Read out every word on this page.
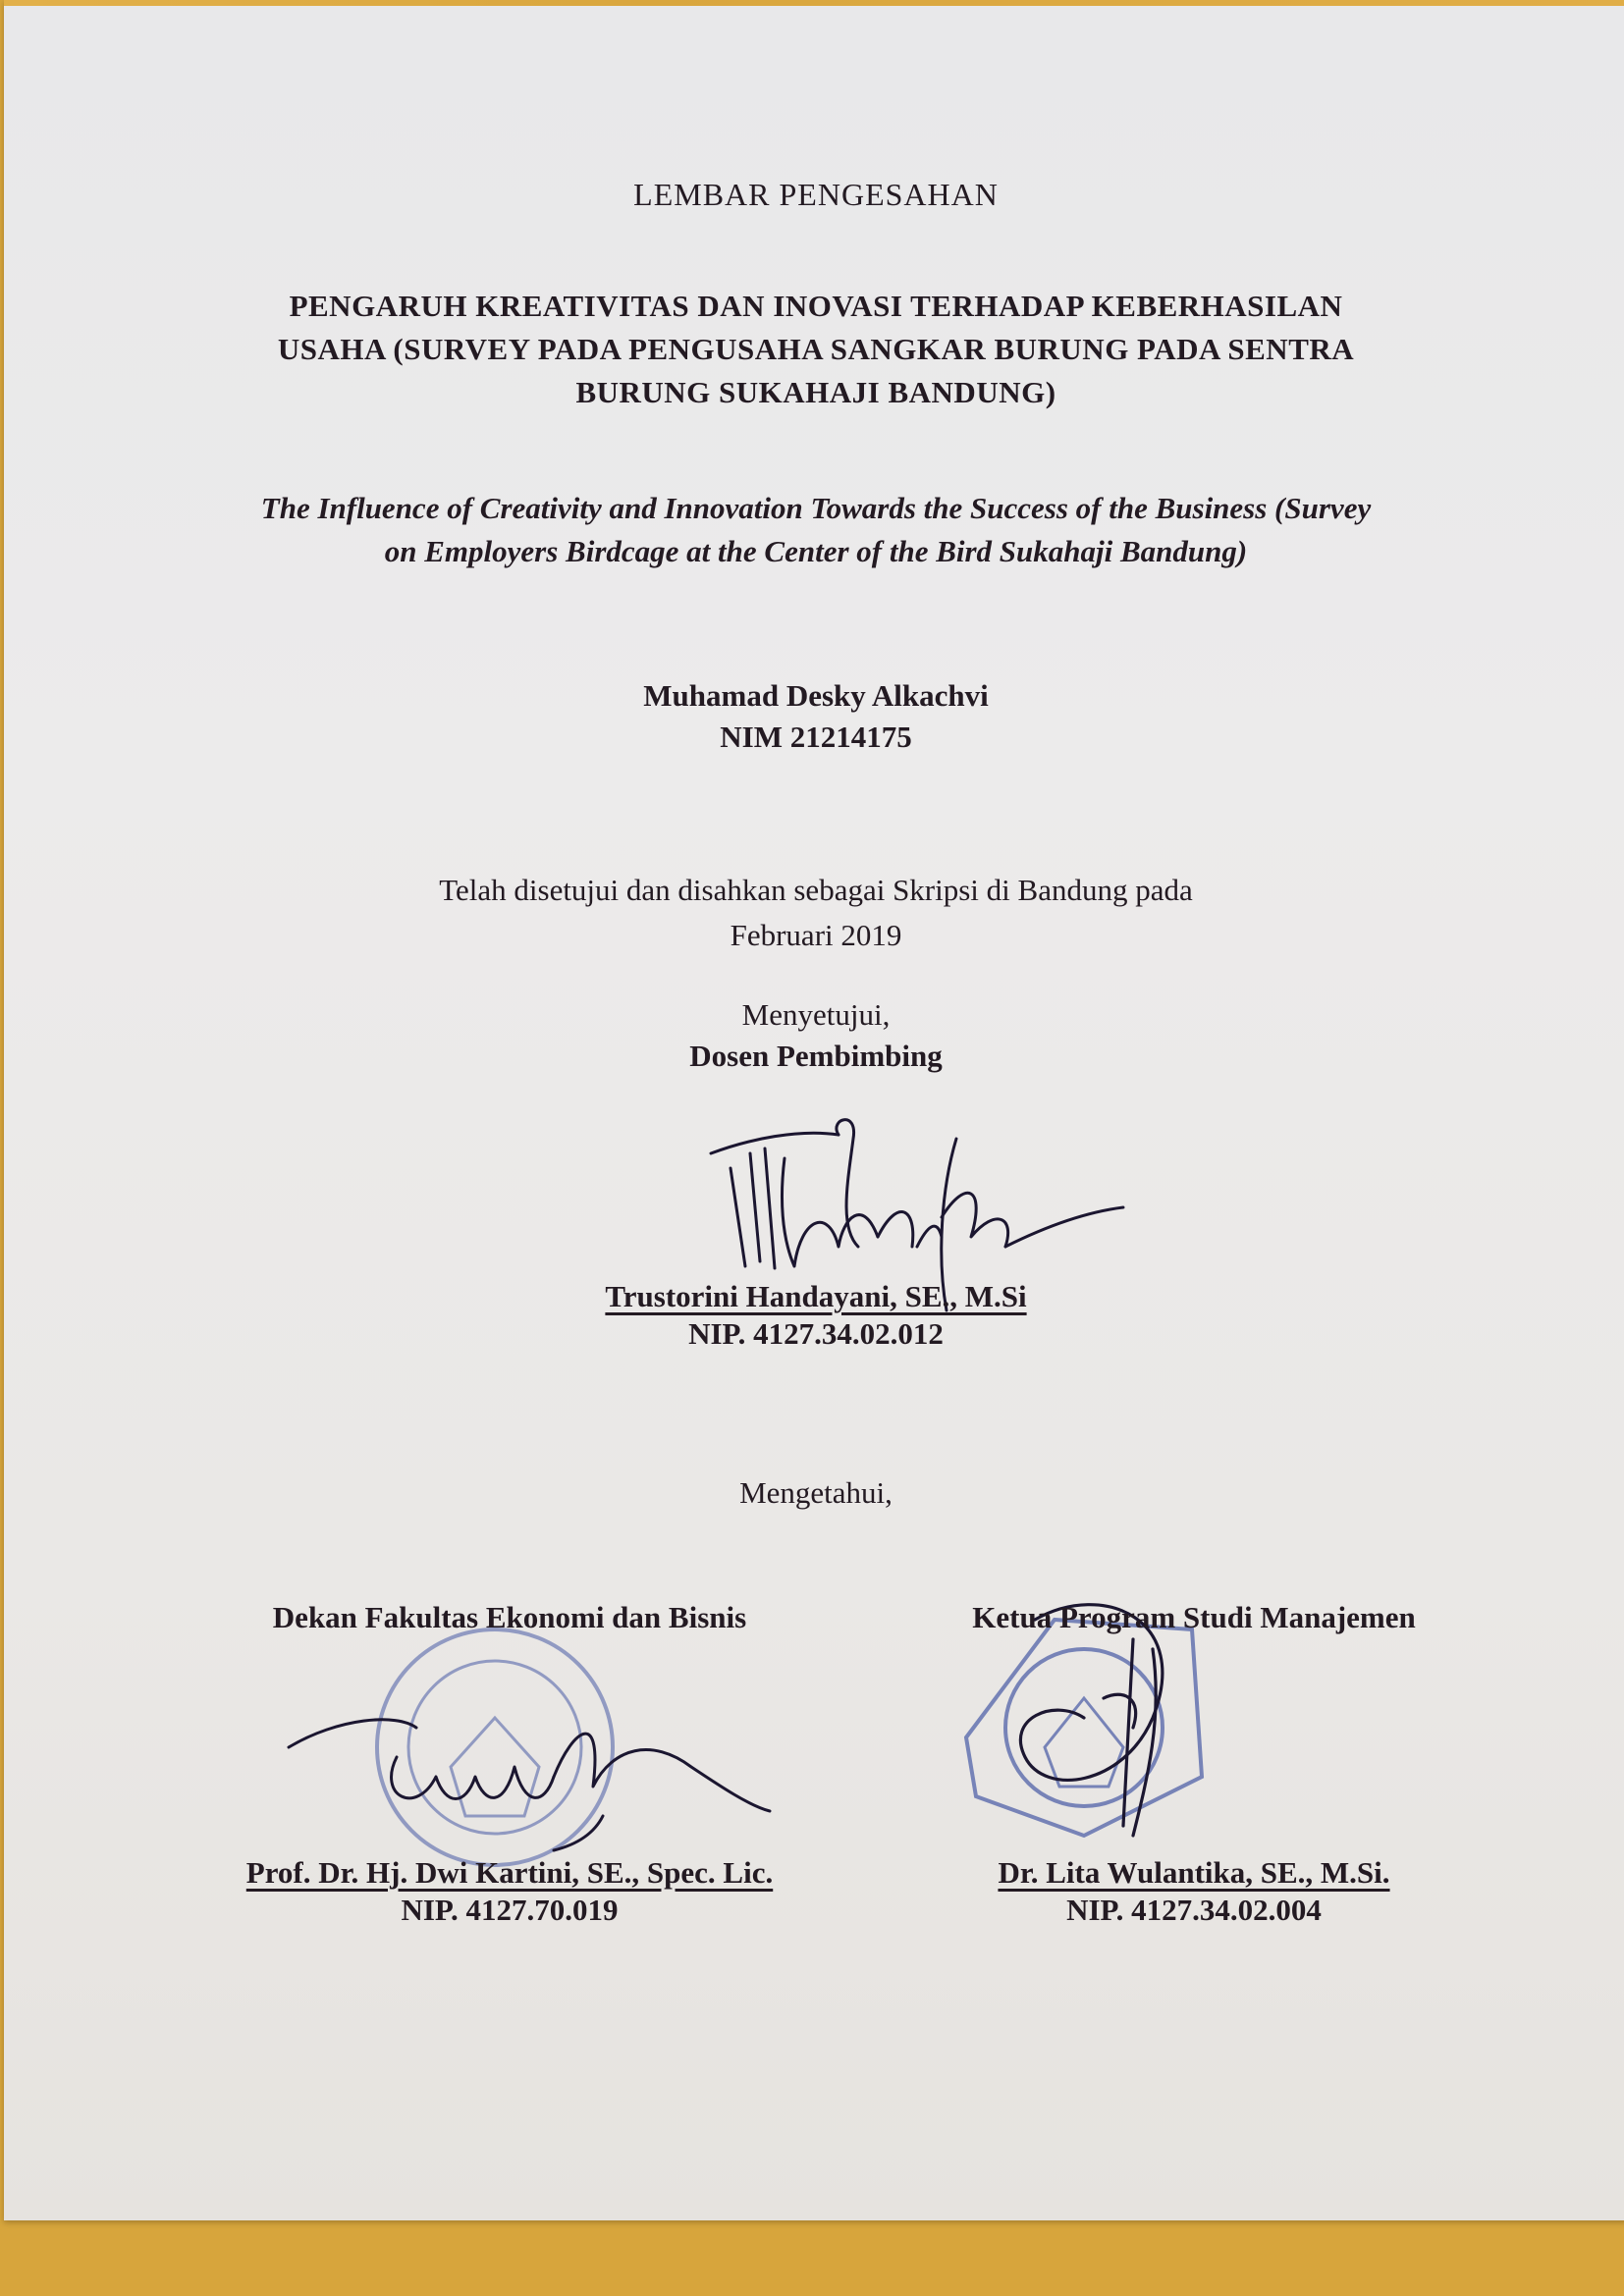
LEMBAR PENGESAHAN
PENGARUH KREATIVITAS DAN INOVASI TERHADAP KEBERHASILAN
USAHA (SURVEY PADA PENGUSAHA SANGKAR BURUNG PADA SENTRA
BURUNG SUKAHAJI BANDUNG)
The Influence of Creativity and Innovation Towards the Success of the Business (Survey
on Employers Birdcage at the Center of the Bird Sukahaji Bandung)
Muhamad Desky Alkachvi
NIM 21214175
Telah disetujui dan disahkan sebagai Skripsi di Bandung pada
Februari 2019
Menyetujui,
Dosen Pembimbing
Trustorini Handayani, SE., M.Si
NIP. 4127.34.02.012
Mengetahui,
Dekan Fakultas Ekonomi dan Bisnis	Ketua Program Studi Manajemen
Prof. Dr. Hj. Dwi Kartini, SE., Spec. Lic.	Dr. Lita Wulantika, SE., M.Si.
NIP. 4127.70.019	NIP. 4127.34.02.004
